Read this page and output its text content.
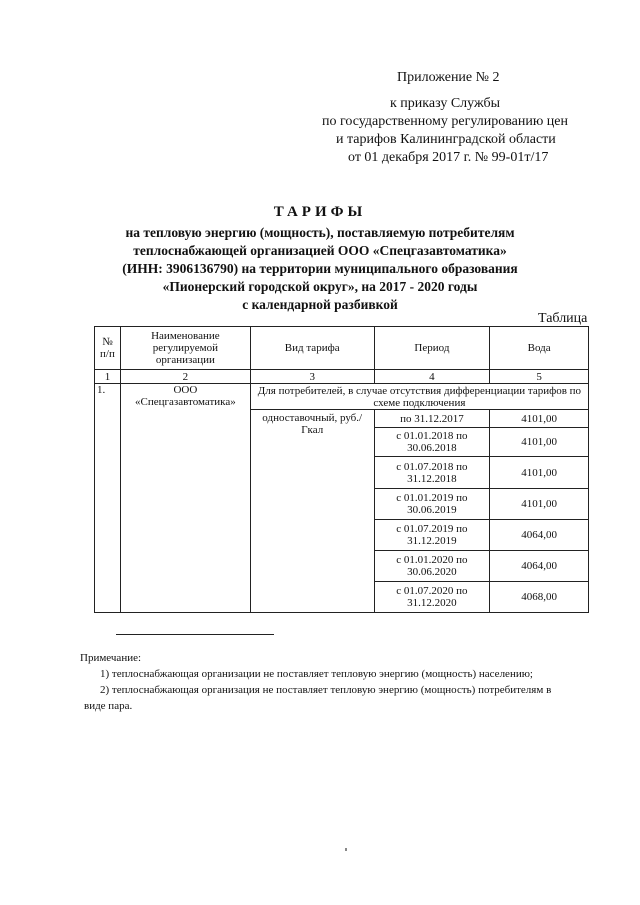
Приложение № 2
к приказу Службы
по государственному регулированию цен
и тарифов Калининградской области
от 01 декабря 2017 г. № 99-01т/17
ТАРИФЫ
на тепловую энергию (мощность), поставляемую потребителям
теплоснабжающей организацией ООО «Спецгазавтоматика»
(ИНН: 3906136790) на территории муниципального образования
«Пионерский городской округ», на 2017 - 2020 годы
с календарной разбивкой
Таблица
№ п/п	Наименование регулируемой организации	Вид тарифа	Период	Вода
1	2	3	4	5
1.	ООО «Спецгазавтоматика»	Для потребителей, в случае отсутствия дифференциации тарифов по схеме подключения		
		одноставочный, руб./Гкал	по 31.12.2017	4101,00
			с 01.01.2018 по 30.06.2018	4101,00
			с 01.07.2018 по 31.12.2018	4101,00
			с 01.01.2019 по 30.06.2019	4101,00
			с 01.07.2019 по 31.12.2019	4064,00
			с 01.01.2020 по 30.06.2020	4064,00
			с 01.07.2020 по 31.12.2020	4068,00
Примечание:
1) теплоснабжающая организации не поставляет тепловую энергию (мощность) населению;
2) теплоснабжающая организация не поставляет тепловую энергию (мощность) потребителям в
виде пара.
